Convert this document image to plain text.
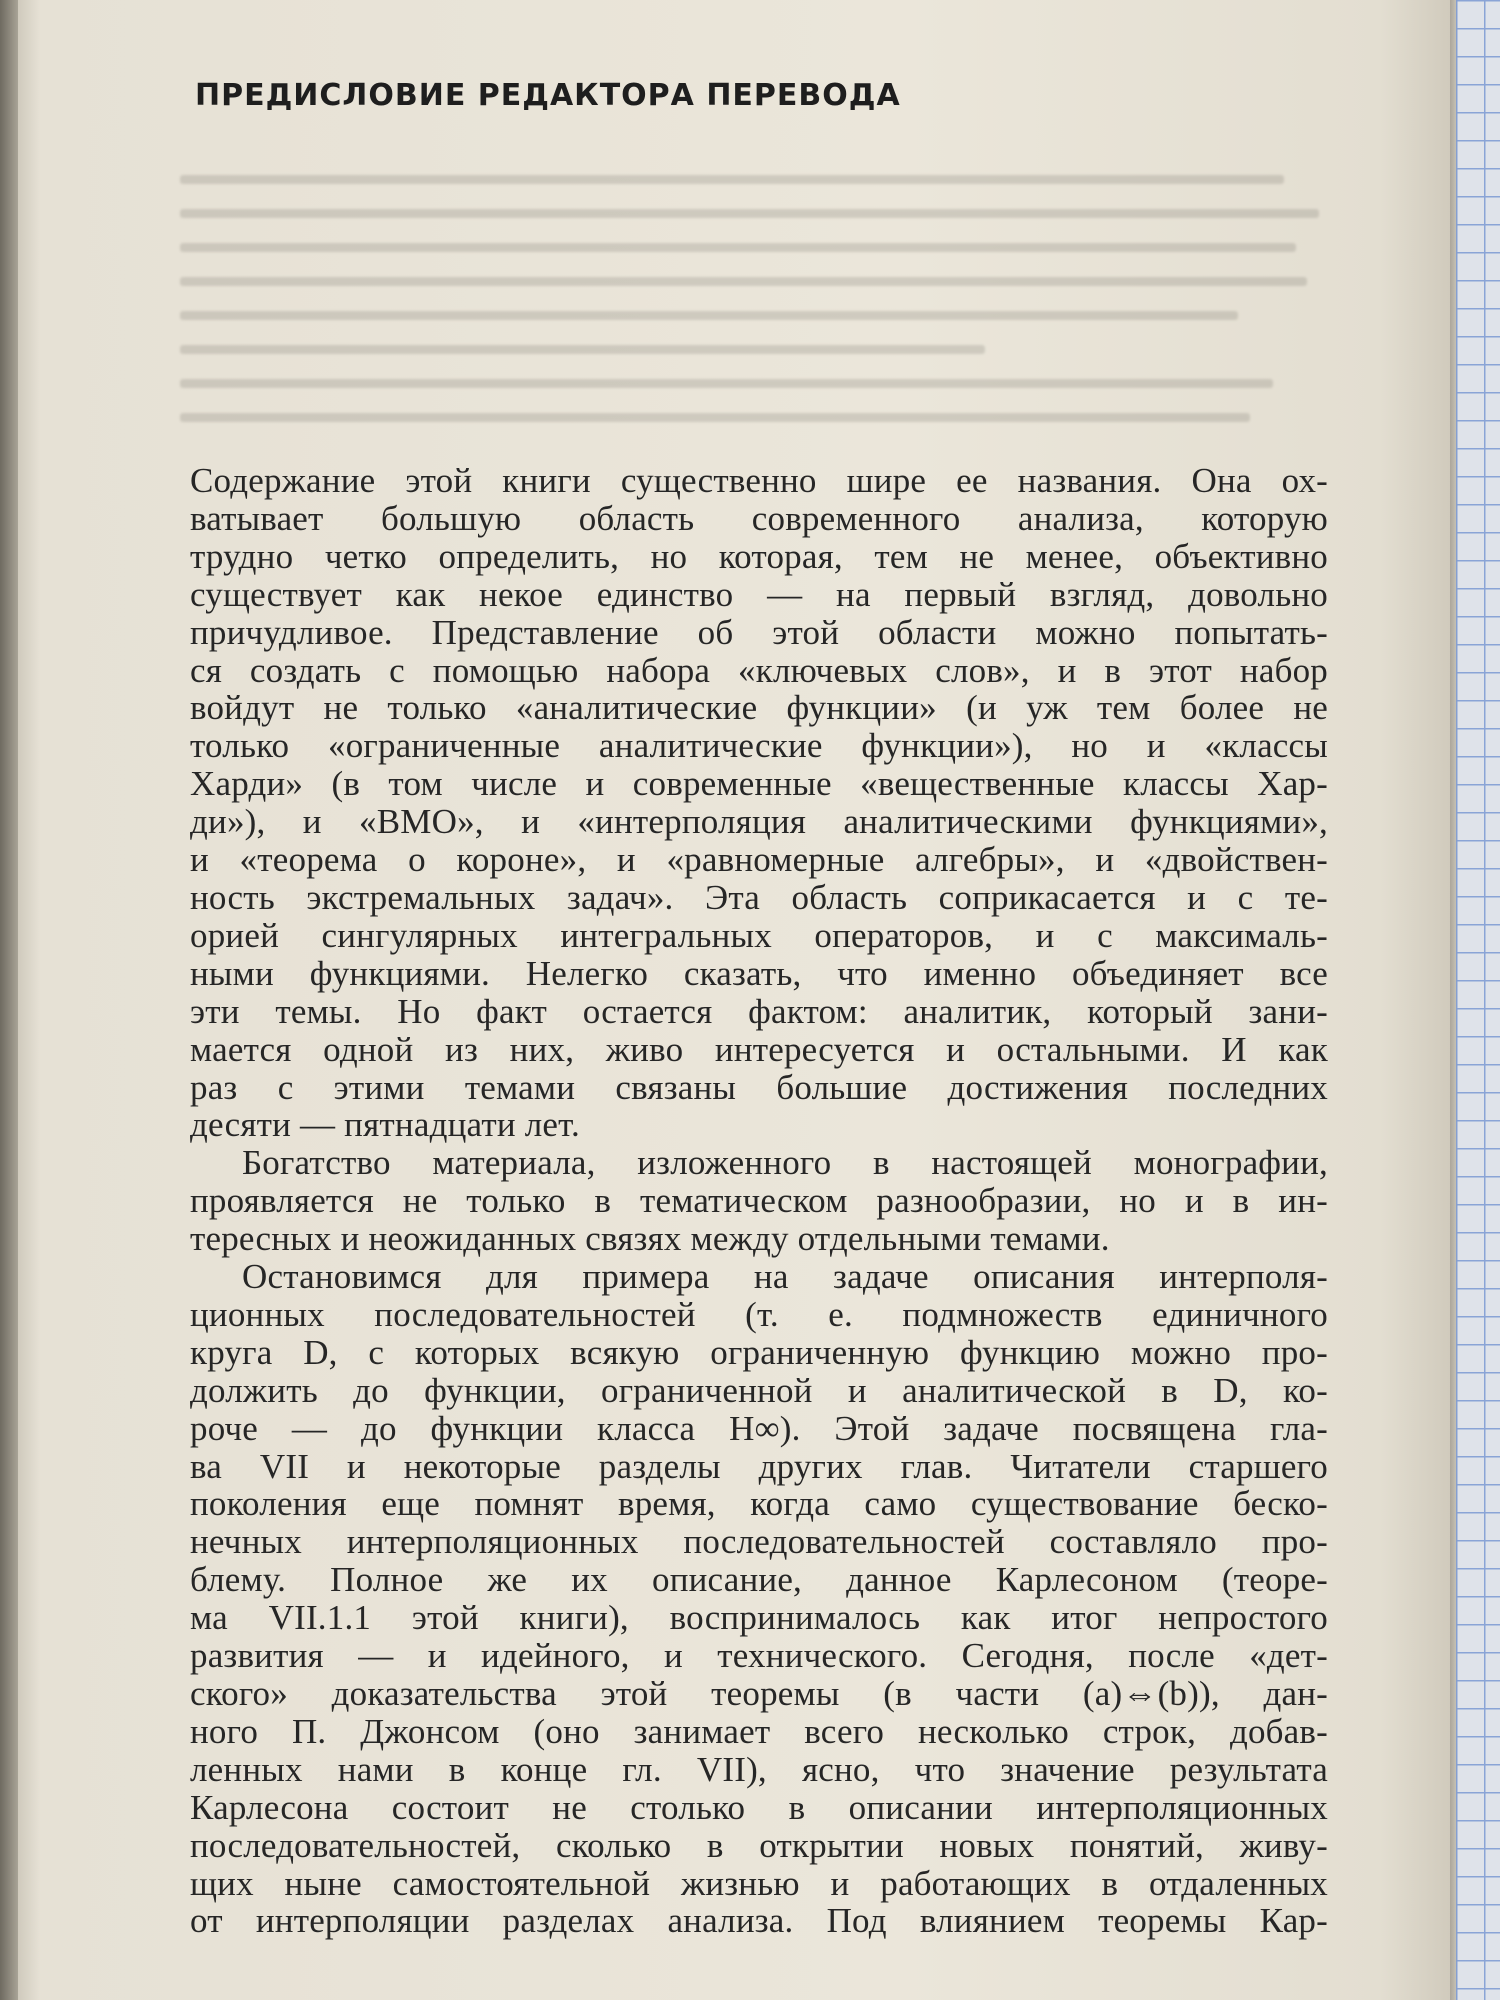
ПРЕДИСЛОВИЕ РЕДАКТОРА ПЕРЕВОДА

Содержание этой книги существенно шире ее названия. Она ох-

ватывает большую область современного анализа, которую

трудно четко определить, но которая, тем не менее, объективно

существует как некое единство — на первый взгляд, довольно

причудливое. Представление об этой области можно попытать-

ся создать с помощью набора «ключевых слов», и в этот набор

войдут не только «аналитические функции» (и уж тем более не

только «ограниченные аналитические функции»), но и «классы

Харди» (в том числе и современные «вещественные классы Хар-

ди»), и «ВМО», и «интерполяция аналитическими функциями»,

и «теорема о короне», и «равномерные алгебры», и «двойствен-

ность экстремальных задач». Эта область соприкасается и с те-

орией сингулярных интегральных операторов, и с максималь-

ными функциями. Нелегко сказать, что именно объединяет все

эти темы. Но факт остается фактом: аналитик, который зани-

мается одной из них, живо интересуется и остальными. И как

раз с этими темами связаны большие достижения последних

десяти — пятнадцати лет.

Богатство материала, изложенного в настоящей монографии,

проявляется не только в тематическом разнообразии, но и в ин-

тересных и неожиданных связях между отдельными темами.

Остановимся для примера на задаче описания интерполя-

ционных последовательностей (т. е. подмножеств единичного

круга D, с которых всякую ограниченную функцию можно про-

должить до функции, ограниченной и аналитической в D, ко-

роче — до функции класса H∞). Этой задаче посвящена гла-

ва VII и некоторые разделы других глав. Читатели старшего

поколения еще помнят время, когда само существование беско-

нечных интерполяционных последовательностей составляло про-

блему. Полное же их описание, данное Карлесоном (теоре-

ма VII.1.1 этой книги), воспринималось как итог непростого

развития — и идейного, и технического. Сегодня, после «дет-

ского» доказательства этой теоремы (в части (а)⇔(b)), дан-

ного П. Джонсом (оно занимает всего несколько строк, добав-

ленных нами в конце гл. VII), ясно, что значение результата

Карлесона состоит не столько в описании интерполяционных

последовательностей, сколько в открытии новых понятий, живу-

щих ныне самостоятельной жизнью и работающих в отдаленных

от интерполяции разделах анализа. Под влиянием теоремы Кар-
